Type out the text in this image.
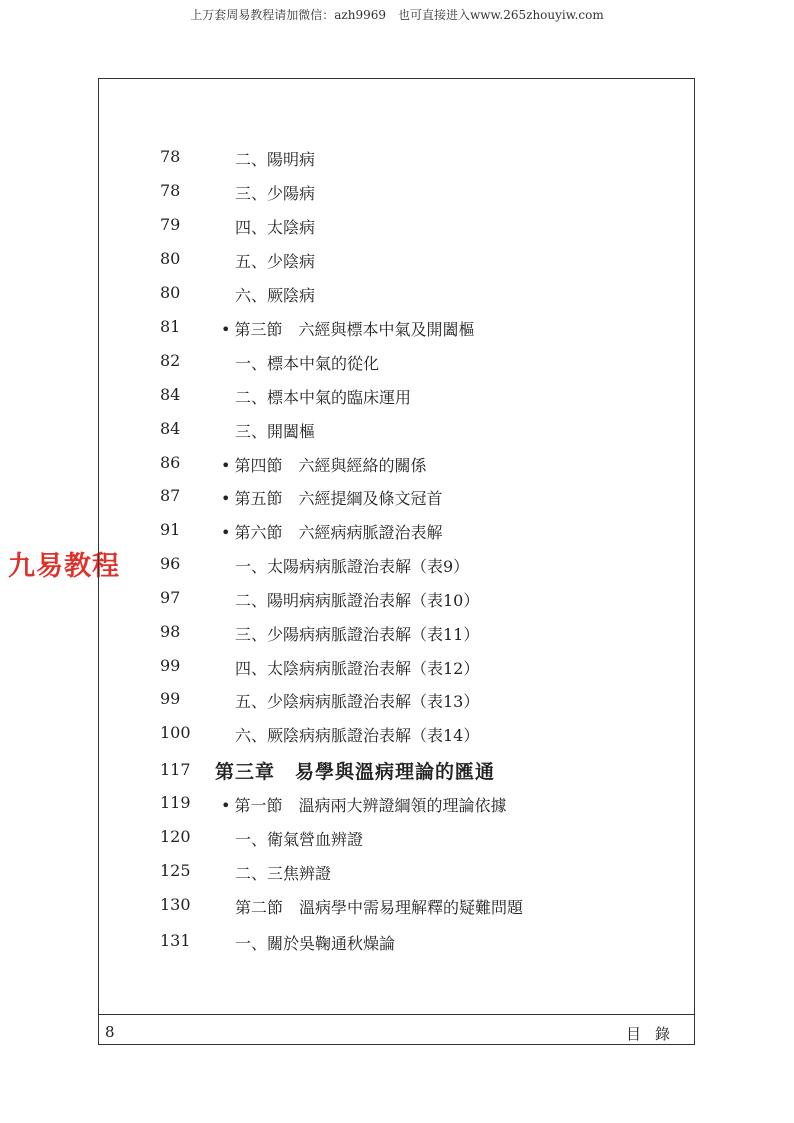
上万套周易教程请加微信：azh9969　也可直接进入www.265zhouyiw.com
九易教程
78	二、陽明病
78	三、少陽病
79	四、太陰病
80	五、少陰病
80	六、厥陰病
81	• 第三節　六經與標本中氣及開闔樞
82	一、標本中氣的從化
84	二、標本中氣的臨床運用
84	三、開闔樞
86	• 第四節　六經與經絡的關係
87	• 第五節　六經提綱及條文冠首
91	• 第六節　六經病病脈證治表解
96	一、太陽病病脈證治表解（表9）
97	二、陽明病病脈證治表解（表10）
98	三、少陽病病脈證治表解（表11）
99	四、太陰病病脈證治表解（表12）
99	五、少陰病病脈證治表解（表13）
100	六、厥陰病病脈證治表解（表14）
117 第三章　易學與溫病理論的匯通
119 • 第一節　溫病兩大辨證綱領的理論依據
120	一、衛氣營血辨證
125	二、三焦辨證
130	第二節　溫病學中需易理解釋的疑難問題
131	一、關於吳鞠通秋燥論
8	目錄
